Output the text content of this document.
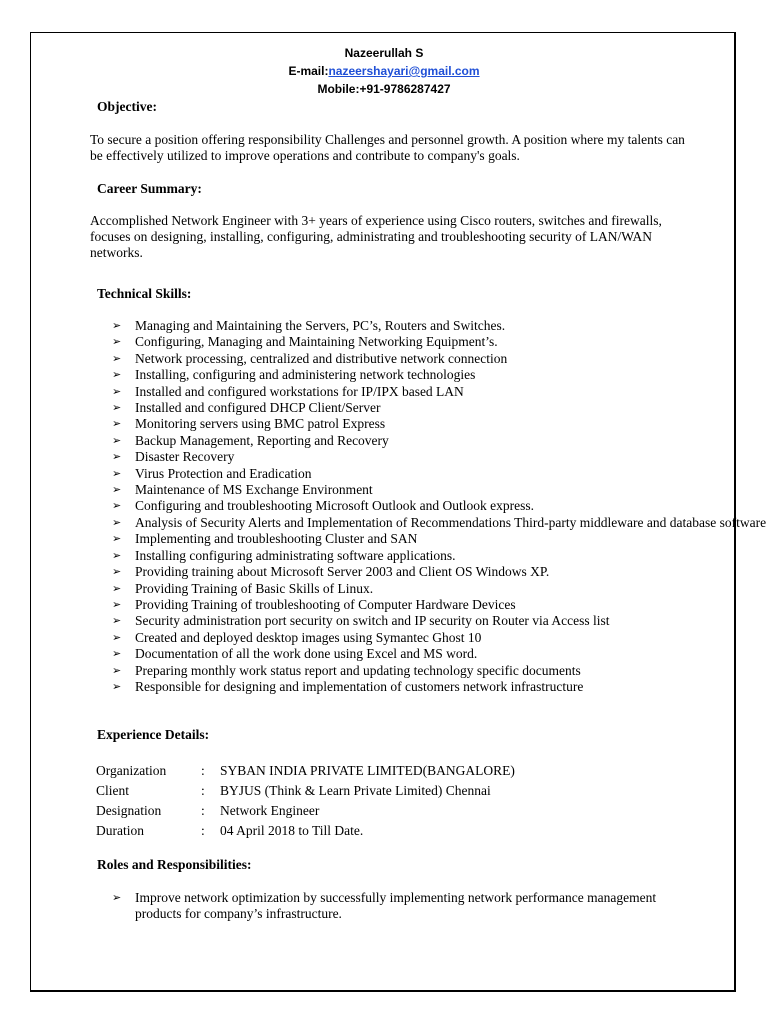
Nazeerullah S
E-mail:nazeershayari@gmail.com
Mobile:+91-9786287427
Objective:
To secure a position offering responsibility Challenges and personnel growth. A position where my talents can be effectively utilized to improve operations and contribute to company's goals.
Career Summary:
Accomplished Network Engineer with 3+ years of experience using Cisco routers, switches and firewalls, focuses on designing, installing, configuring, administrating and troubleshooting security of LAN/WAN networks.
Technical Skills:
➢ Managing and Maintaining the Servers, PC’s, Routers and Switches.
➢ Configuring, Managing and Maintaining Networking Equipment’s.
➢ Network processing, centralized and distributive network connection
➢ Installing, configuring and administering network technologies
➢ Installed and configured workstations for IP/IPX based LAN
➢ Installed and configured DHCP Client/Server
➢ Monitoring servers using BMC patrol Express
➢ Backup Management, Reporting and Recovery
➢ Disaster Recovery
➢ Virus Protection and Eradication
➢ Maintenance of MS Exchange Environment
➢ Configuring and troubleshooting Microsoft Outlook and Outlook express.
➢ Analysis of Security Alerts and Implementation of Recommendations Third-party middleware and database software
➢ Implementing and troubleshooting Cluster and SAN
➢ Installing configuring administrating software applications.
➢ Providing training about Microsoft Server 2003 and Client OS Windows XP.
➢ Providing Training of Basic Skills of Linux.
➢ Providing Training of troubleshooting of Computer Hardware Devices
➢ Security administration port security on switch and IP security on Router via Access list
➢ Created and deployed desktop images using Symantec Ghost 10
➢ Documentation of all the work done using Excel and MS word.
➢ Preparing monthly work status report and updating technology specific documents
➢ Responsible for designing and implementation of customers network infrastructure
Experience Details:
Organization	:	SYBAN INDIA PRIVATE LIMITED(BANGALORE)
Client	:	BYJUS (Think & Learn Private Limited) Chennai
Designation	:	Network Engineer
Duration	:	04 April 2018 to Till Date.
Roles and Responsibilities:
➢ Improve network optimization by successfully implementing network performance management products for company’s infrastructure.
